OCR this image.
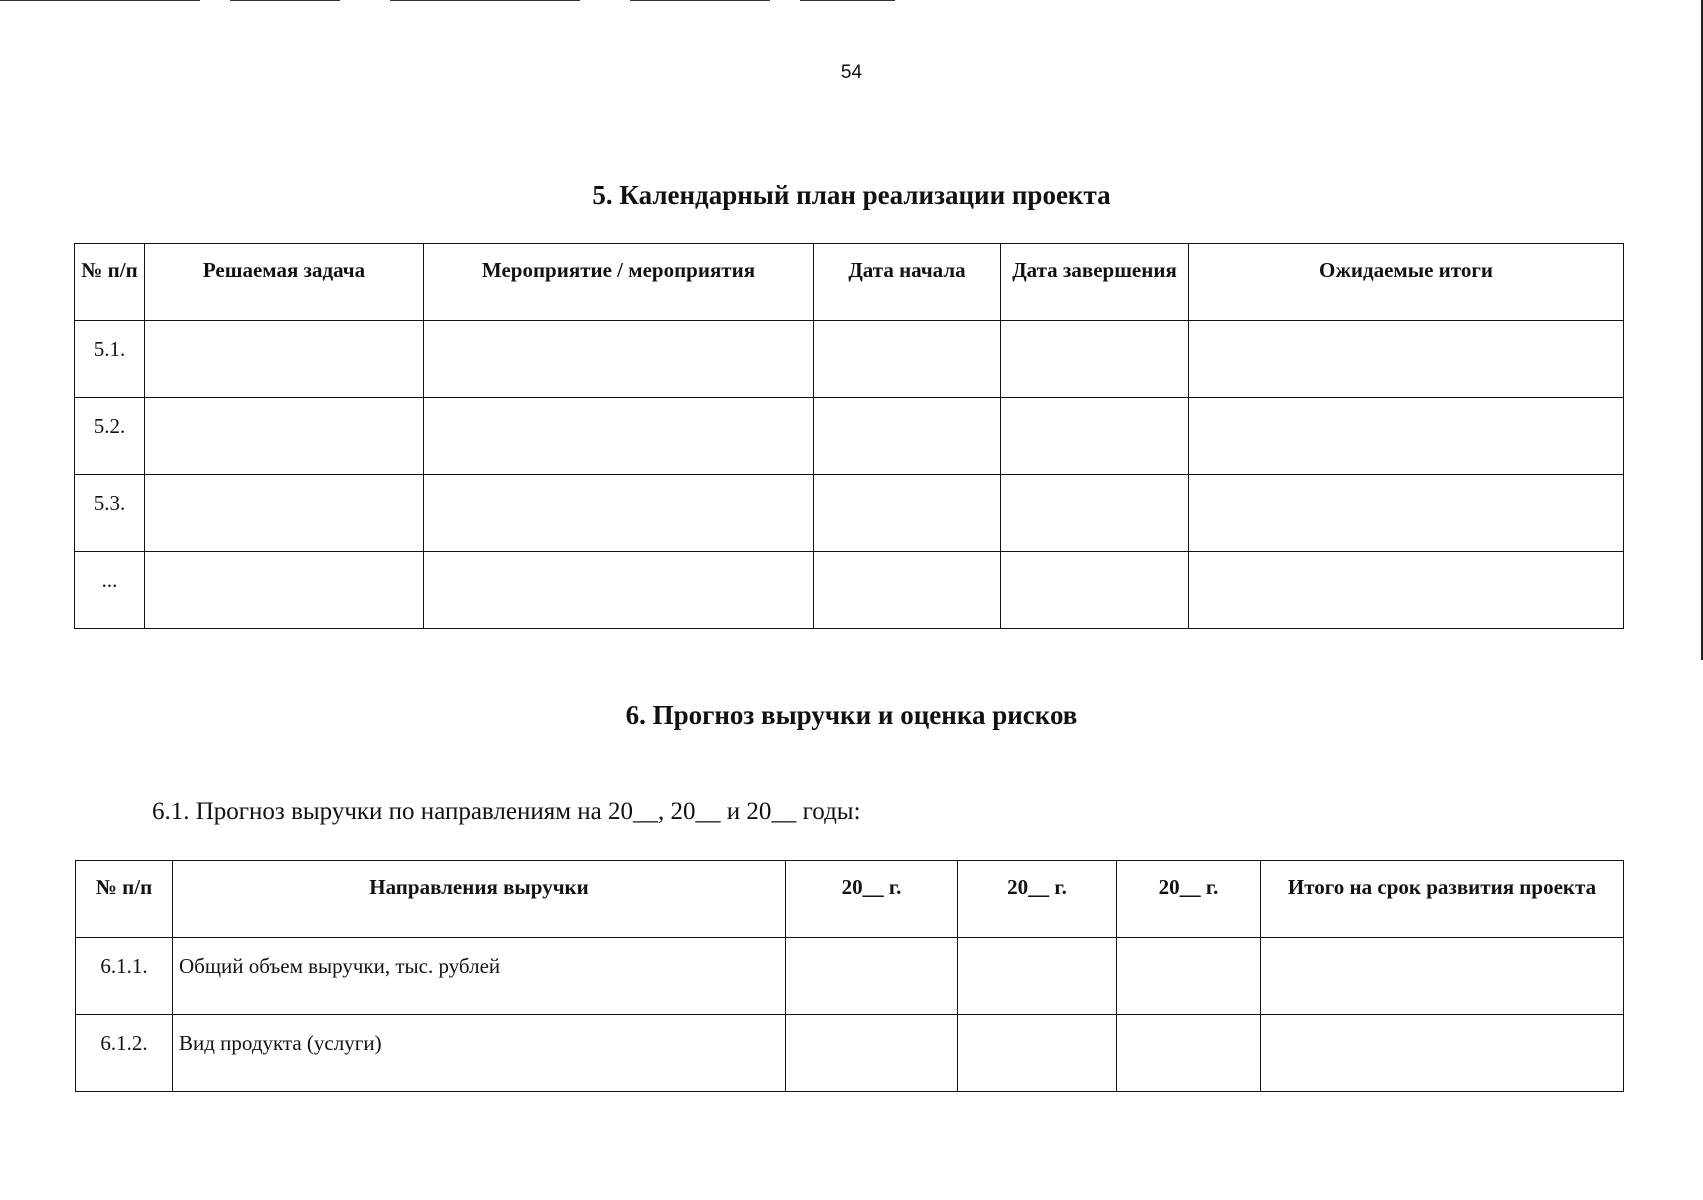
54
5. Календарный план реализации проекта
№ п/п	Решаемая задача	Мероприятие / мероприятия	Дата начала	Дата завершения	Ожидаемые итоги
5.1.					
5.2.					
5.3.					
...					
6. Прогноз выручки и оценка рисков
6.1. Прогноз выручки по направлениям на 20__, 20__ и 20__ годы:
№ п/п	Направления выручки	20__ г.	20__ г.	20__ г.	Итого на срок развития проекта
6.1.1.	Общий объем выручки, тыс. рублей				
6.1.2.	Вид продукта (услуги)				
